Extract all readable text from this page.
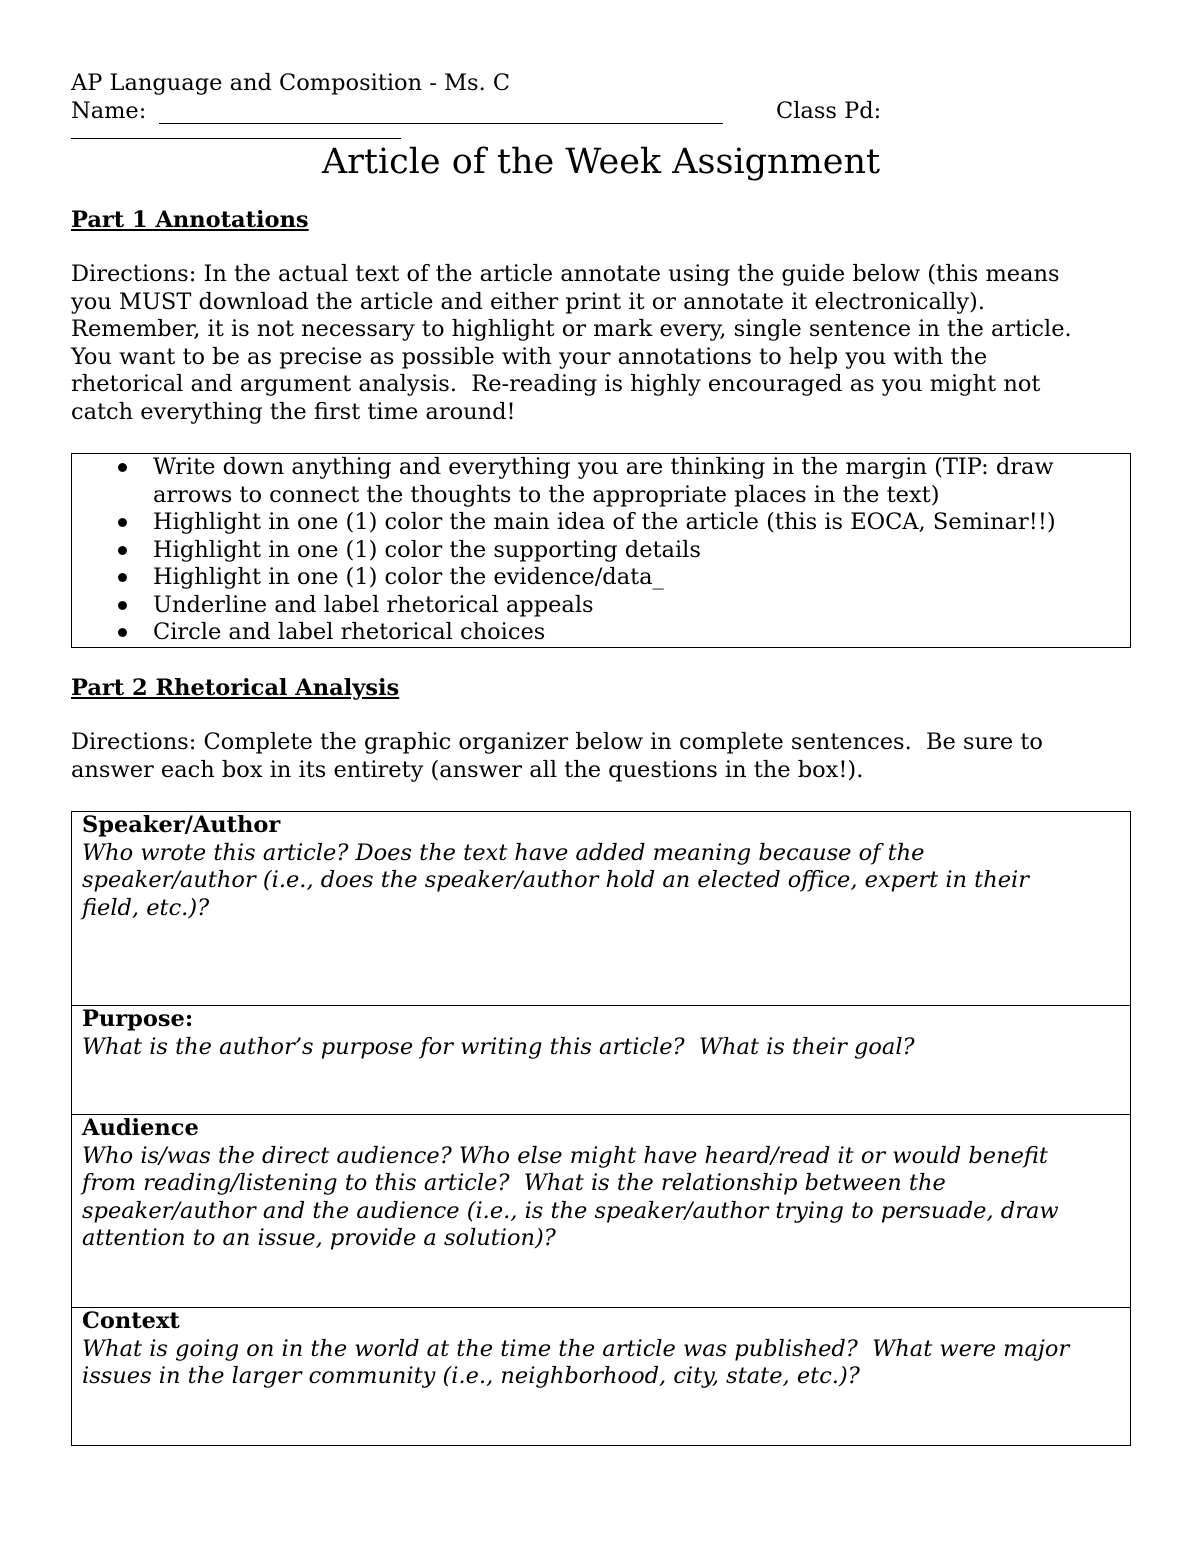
AP Language and Composition - Ms. C
Name:	Class Pd:
Article of the Week Assignment
Part 1 Annotations
Directions: In the actual text of the article annotate using the guide below (this means
you MUST download the article and either print it or annotate it electronically).
Remember, it is not necessary to highlight or mark every, single sentence in the article.
You want to be as precise as possible with your annotations to help you with the
rhetorical and argument analysis.  Re-reading is highly encouraged as you might not
catch everything the first time around!
Write down anything and everything you are thinking in the margin (TIP: draw
arrows to connect the thoughts to the appropriate places in the text)
Highlight in one (1) color the main idea of the article (this is EOCA, Seminar!!)
Highlight in one (1) color the supporting details
Highlight in one (1) color the evidence/data_
Underline and label rhetorical appeals
Circle and label rhetorical choices
Part 2 Rhetorical Analysis
Directions: Complete the graphic organizer below in complete sentences.  Be sure to
answer each box in its entirety (answer all the questions in the box!).
Speaker/Author
Who wrote this article? Does the text have added meaning because of the
speaker/author (i.e., does the speaker/author hold an elected office, expert in their
field, etc.)?
Purpose:
What is the author’s purpose for writing this article?  What is their goal?
Audience
Who is/was the direct audience? Who else might have heard/read it or would benefit
from reading/listening to this article?  What is the relationship between the
speaker/author and the audience (i.e., is the speaker/author trying to persuade, draw
attention to an issue, provide a solution)?
Context
What is going on in the world at the time the article was published?  What were major
issues in the larger community (i.e., neighborhood, city, state, etc.)?
